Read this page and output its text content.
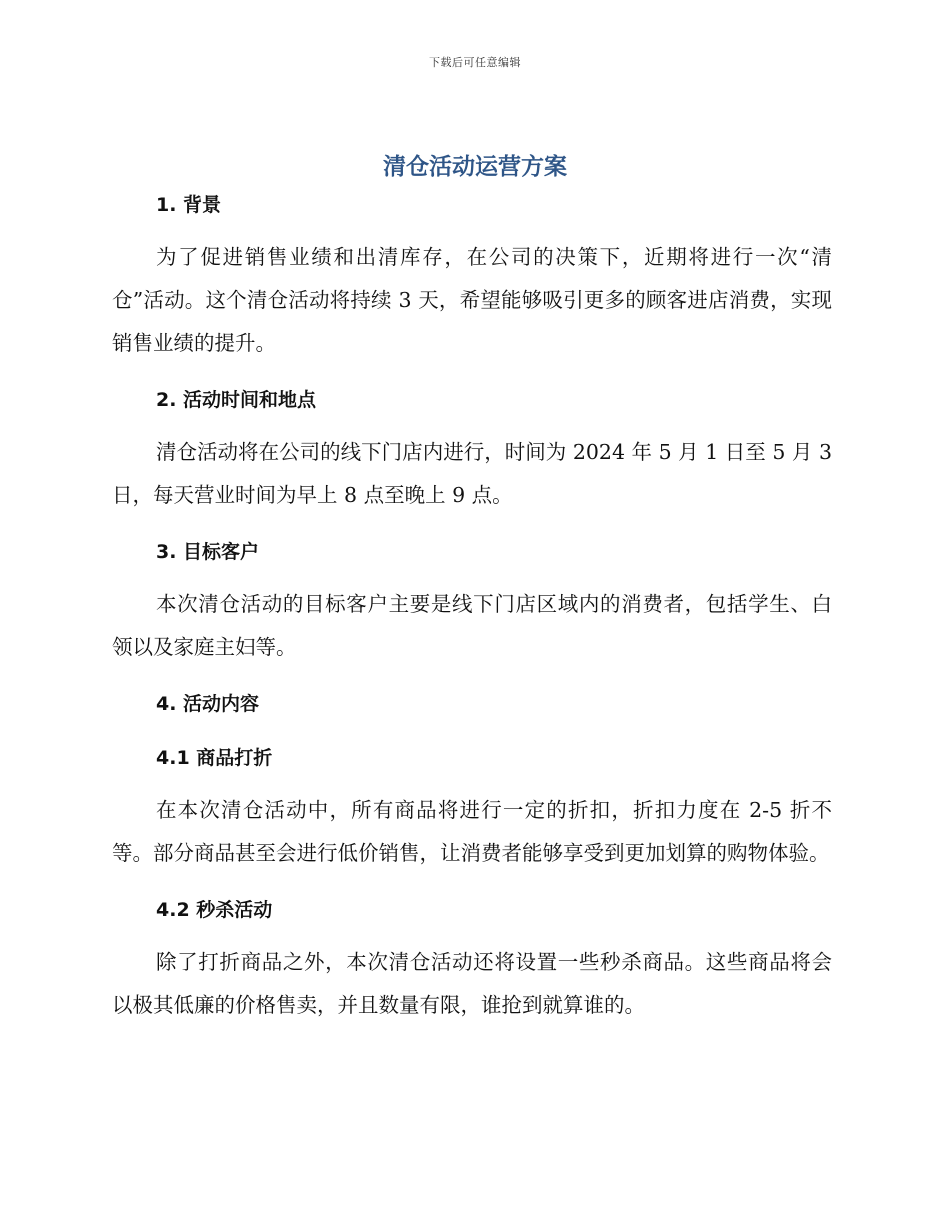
下载后可任意编辑
清仓活动运营方案
1. 背景

为了促进销售业绩和出清库存，在公司的决策下，近期将进行一次“清仓”活动。这个清仓活动将持续 3 天，希望能够吸引更多的顾客进店消费，实现销售业绩的提升。

2. 活动时间和地点

清仓活动将在公司的线下门店内进行，时间为 2024 年 5 月 1 日至 5 月 3 日，每天营业时间为早上 8 点至晚上 9 点。

3. 目标客户

本次清仓活动的目标客户主要是线下门店区域内的消费者，包括学生、白领以及家庭主妇等。

4. 活动内容
4.1 商品打折

在本次清仓活动中，所有商品将进行一定的折扣，折扣力度在 2-5 折不等。部分商品甚至会进行低价销售，让消费者能够享受到更加划算的购物体验。

4.2 秒杀活动

除了打折商品之外，本次清仓活动还将设置一些秒杀商品。这些商品将会以极其低廉的价格售卖，并且数量有限，谁抢到就算谁的。
